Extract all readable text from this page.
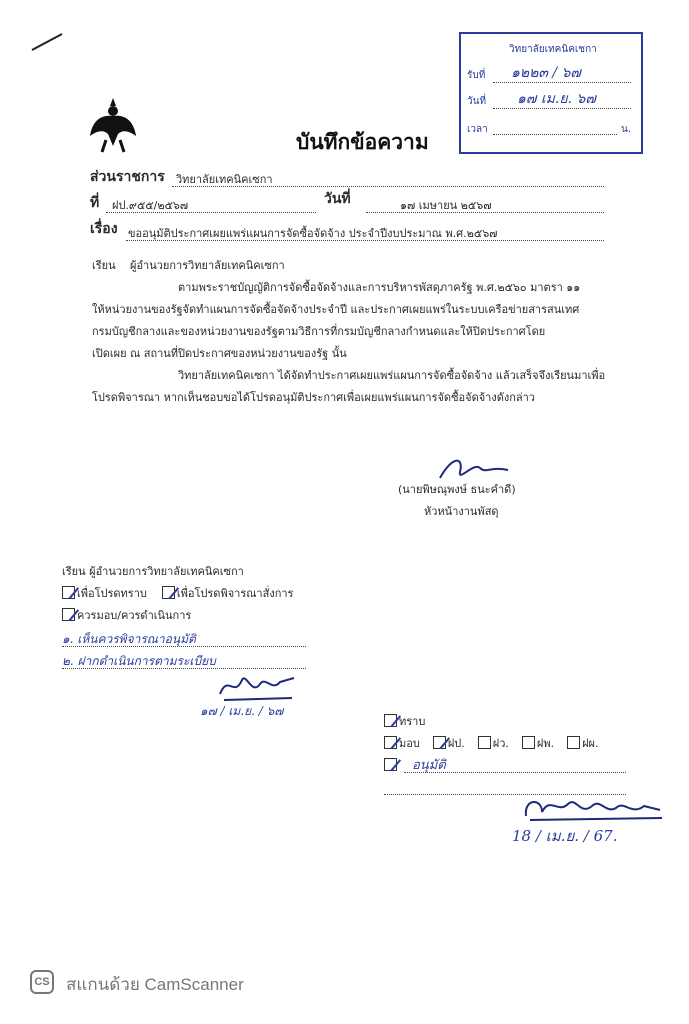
วิทยาลัยเทคนิคเชกา
รับที่ ๑๒๒๓ / ๖๗
วันที่ ๑๗ เม.ย. ๖๗
เวลา	น.
บันทึกข้อความ
ส่วนราชการ วิทยาลัยเทคนิคเซกา
ที่ ฝป.๙๕๕/๒๕๖๗	วันที่	๑๗ เมษายน ๒๕๖๗
เรื่อง ขออนุมัติประกาศเผยแพร่แผนการจัดซื้อจัดจ้าง ประจำปีงบประมาณ พ.ศ.๒๕๖๗
เรียน ผู้อำนวยการวิทยาลัยเทคนิคเซกา
ตามพระราชบัญญัติการจัดซื้อจัดจ้างและการบริหารพัสดุภาครัฐ พ.ศ.๒๕๖๐ มาตรา ๑๑
ให้หน่วยงานของรัฐจัดทำแผนการจัดซื้อจัดจ้างประจำปี และประกาศเผยแพร่ในระบบเครือข่ายสารสนเทศ
กรมบัญชีกลางและของหน่วยงานของรัฐตามวิธีการที่กรมบัญชีกลางกำหนดและให้ปิดประกาศโดย
เปิดเผย ณ สถานที่ปิดประกาศของหน่วยงานของรัฐ นั้น
วิทยาลัยเทคนิคเซกา ได้จัดทำประกาศเผยแพร่แผนการจัดซื้อจัดจ้าง แล้วเสร็จจึงเรียนมาเพื่อ
โปรดพิจารณา หากเห็นชอบขอได้โปรดอนุมัติประกาศเพื่อเผยแพร่แผนการจัดซื้อจัดจ้างดังกล่าว
(นายพิษณุพงษ์ ธนะคำดี)
หัวหน้างานพัสดุ
เรียน ผู้อำนวยการวิทยาลัยเทคนิคเซกา
เพื่อโปรดทราบ	เพื่อโปรดพิจารณาสั่งการ
ควรมอบ/ควรดำเนินการ
๑. เห็นควรพิจารณาอนุมัติ
๒. ฝากดำเนินการตามระเบียบ
๑๗ / เม.ย. / ๖๗
ทราบ
มอบ	ฝป.	ฝว.	ฝพ.	ฝผ.
อนุมัติ
18 / เม.ย. / 67.
CS สแกนด้วย CamScanner
